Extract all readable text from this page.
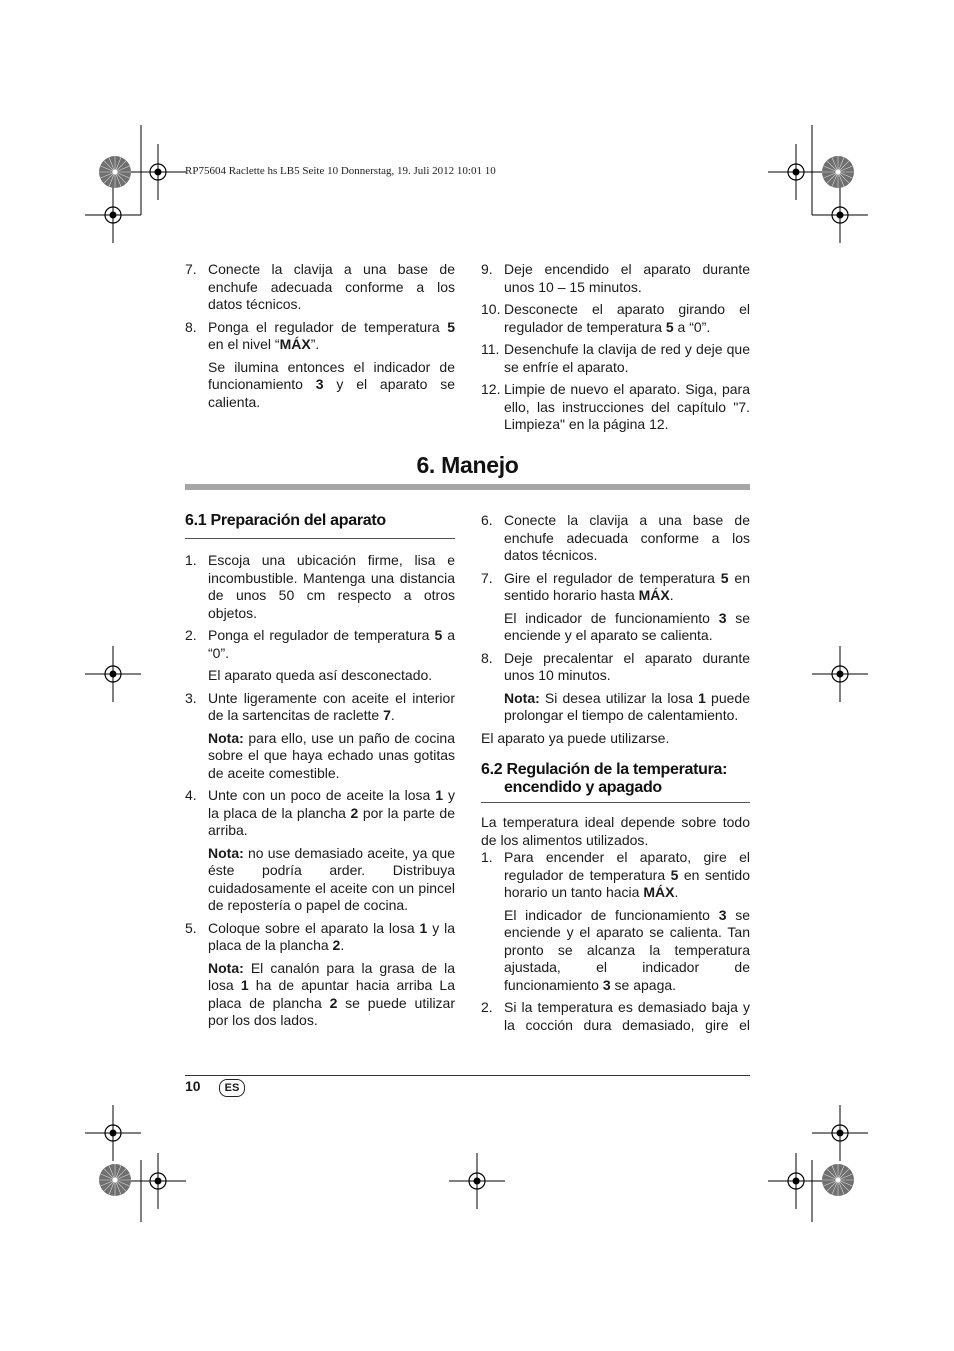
RP75604 Raclette hs LB5 Seite 10 Donnerstag, 19. Juli 2012 10:01 10
7. Conecte la clavija a una base de enchufe adecuada conforme a los datos técnicos.
8. Ponga el regulador de temperatura 5 en el nivel “MÁX”.
Se ilumina entonces el indicador de funcionamiento 3 y el aparato se calienta.
9. Deje encendido el aparato durante unos 10 – 15 minutos.
10. Desconecte el aparato girando el regulador de temperatura 5 a “0”.
11. Desenchufe la clavija de red y deje que se enfríe el aparato.
12. Limpie de nuevo el aparato. Siga, para ello, las instrucciones del capítulo "7. Limpieza" en la página 12.
6. Manejo
6.1 Preparación del aparato
1. Escoja una ubicación firme, lisa e incombustible. Mantenga una distancia de unos 50 cm respecto a otros objetos.
2. Ponga el regulador de temperatura 5 a “0”.
El aparato queda así desconectado.
3. Unte ligeramente con aceite el interior de la sartencitas de raclette 7.
Nota: para ello, use un paño de cocina sobre el que haya echado unas gotitas de aceite comestible.
4. Unte con un poco de aceite la losa 1 y la placa de la plancha 2 por la parte de arriba.
Nota: no use demasiado aceite, ya que éste podría arder. Distribuya cuidadosamente el aceite con un pincel de repostería o papel de cocina.
5. Coloque sobre el aparato la losa 1 y la placa de la plancha 2.
Nota: El canalón para la grasa de la losa 1 ha de apuntar hacia arriba La placa de plancha 2 se puede utilizar por los dos lados.
6. Conecte la clavija a una base de enchufe adecuada conforme a los datos técnicos.
7. Gire el regulador de temperatura 5 en sentido horario hasta MÁX.
El indicador de funcionamiento 3 se enciende y el aparato se calienta.
8. Deje precalentar el aparato durante unos 10 minutos.
Nota: Si desea utilizar la losa 1 puede prolongar el tiempo de calentamiento.

El aparato ya puede utilizarse.

6.2 Regulación de la temperatura:
encendido y apagado

La temperatura ideal depende sobre todo de los alimentos utilizados.

1. Para encender el aparato, gire el regulador de temperatura 5 en sentido horario un tanto hacia MÁX.
El indicador de funcionamiento 3 se enciende y el aparato se calienta. Tan pronto se alcanza la temperatura ajustada, el indicador de funcionamiento 3 se apaga.
2. Si la temperatura es demasiado baja y la cocción dura demasiado, gire el
10	ES
